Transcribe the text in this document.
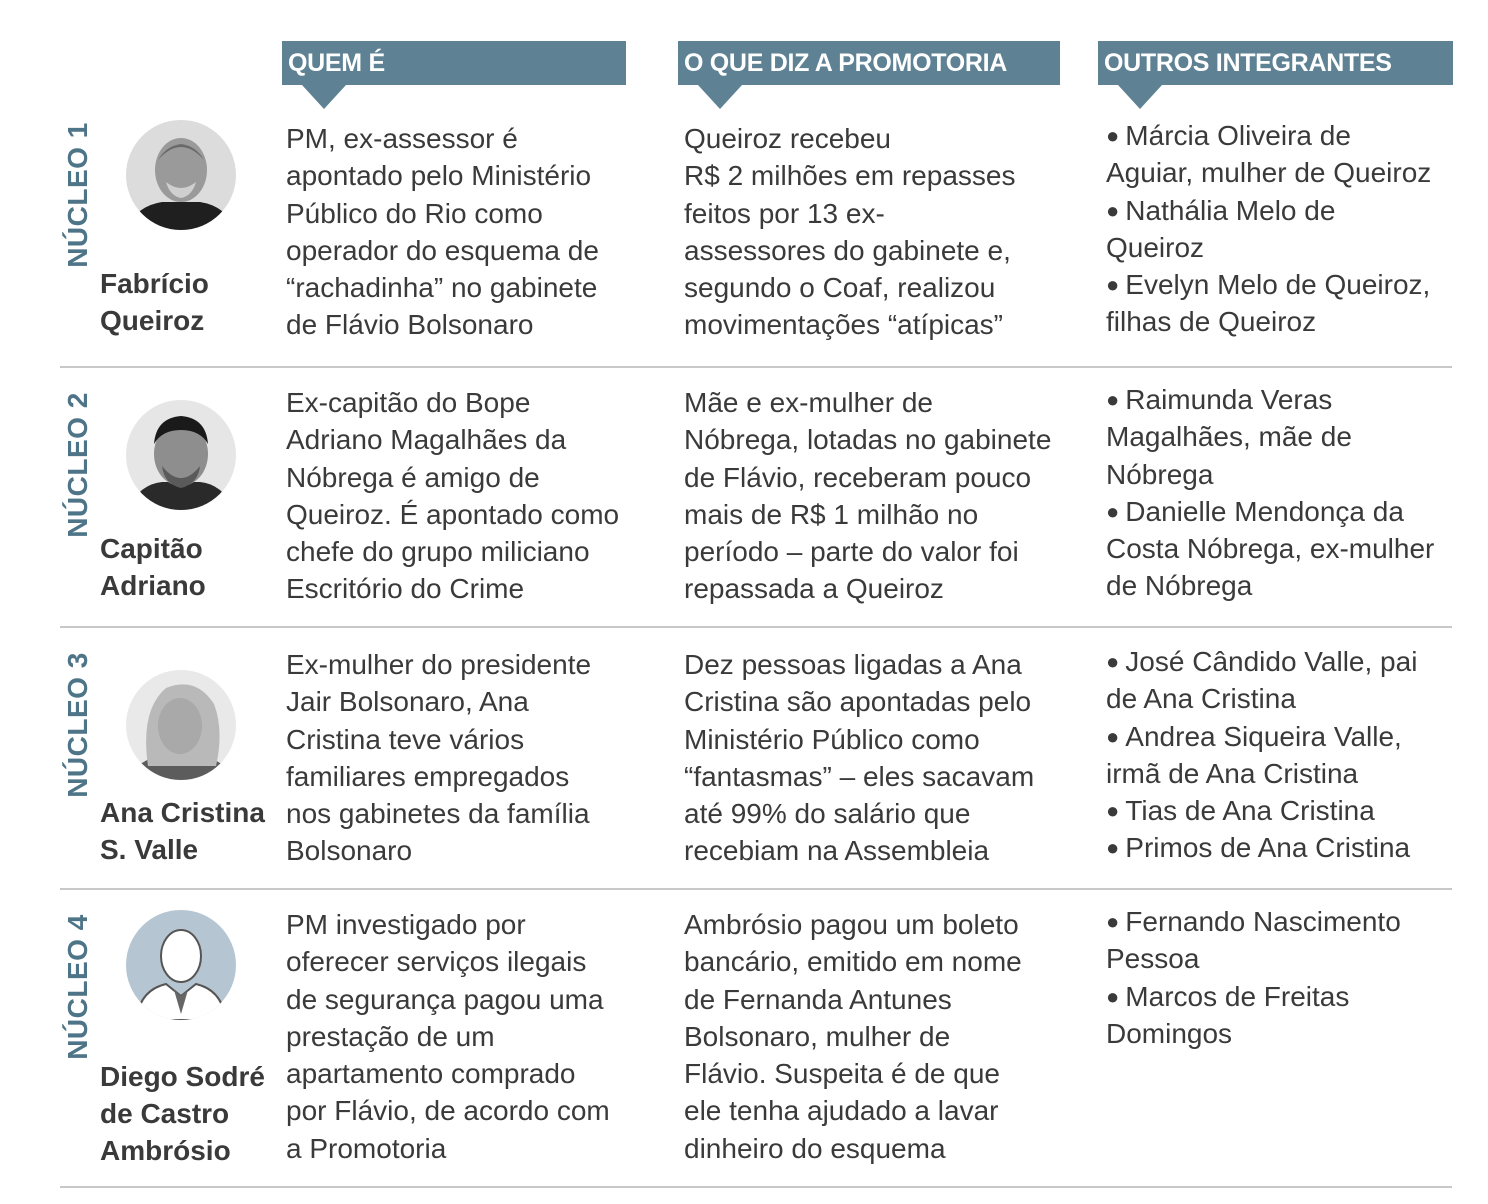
QUEM É	O QUE DIZ A PROMOTORIA	OUTROS INTEGRANTES
NÚCLEO 1
Fabrício
Queiroz
PM, ex-assessor é
apontado pelo Ministério
Público do Rio como
operador do esquema de
“rachadinha” no gabinete
de Flávio Bolsonaro
Queiroz recebeu
R$ 2 milhões em repasses
feitos por 13 ex-
assessores do gabinete e,
segundo o Coaf, realizou
movimentações “atípicas”
● Márcia Oliveira de
Aguiar, mulher de Queiroz
● Nathália Melo de
Queiroz
● Evelyn Melo de Queiroz,
filhas de Queiroz
NÚCLEO 2
Capitão
Adriano
Ex-capitão do Bope
Adriano Magalhães da
Nóbrega é amigo de
Queiroz. É apontado como
chefe do grupo miliciano
Escritório do Crime
Mãe e ex-mulher de
Nóbrega, lotadas no gabinete
de Flávio, receberam pouco
mais de R$ 1 milhão no
período – parte do valor foi
repassada a Queiroz
● Raimunda Veras
Magalhães, mãe de
Nóbrega
● Danielle Mendonça da
Costa Nóbrega, ex-mulher
de Nóbrega
NÚCLEO 3
Ana Cristina
S. Valle
Ex-mulher do presidente
Jair Bolsonaro, Ana
Cristina teve vários
familiares empregados
nos gabinetes da família
Bolsonaro
Dez pessoas ligadas a Ana
Cristina são apontadas pelo
Ministério Público como
“fantasmas” – eles sacavam
até 99% do salário que
recebiam na Assembleia
● José Cândido Valle, pai
de Ana Cristina
● Andrea Siqueira Valle,
irmã de Ana Cristina
● Tias de Ana Cristina
● Primos de Ana Cristina
NÚCLEO 4
Diego Sodré
de Castro
Ambrósio
PM investigado por
oferecer serviços ilegais
de segurança pagou uma
prestação de um
apartamento comprado
por Flávio, de acordo com
a Promotoria
Ambrósio pagou um boleto
bancário, emitido em nome
de Fernanda Antunes
Bolsonaro, mulher de
Flávio. Suspeita é de que
ele tenha ajudado a lavar
dinheiro do esquema
● Fernando Nascimento
Pessoa
● Marcos de Freitas
Domingos
